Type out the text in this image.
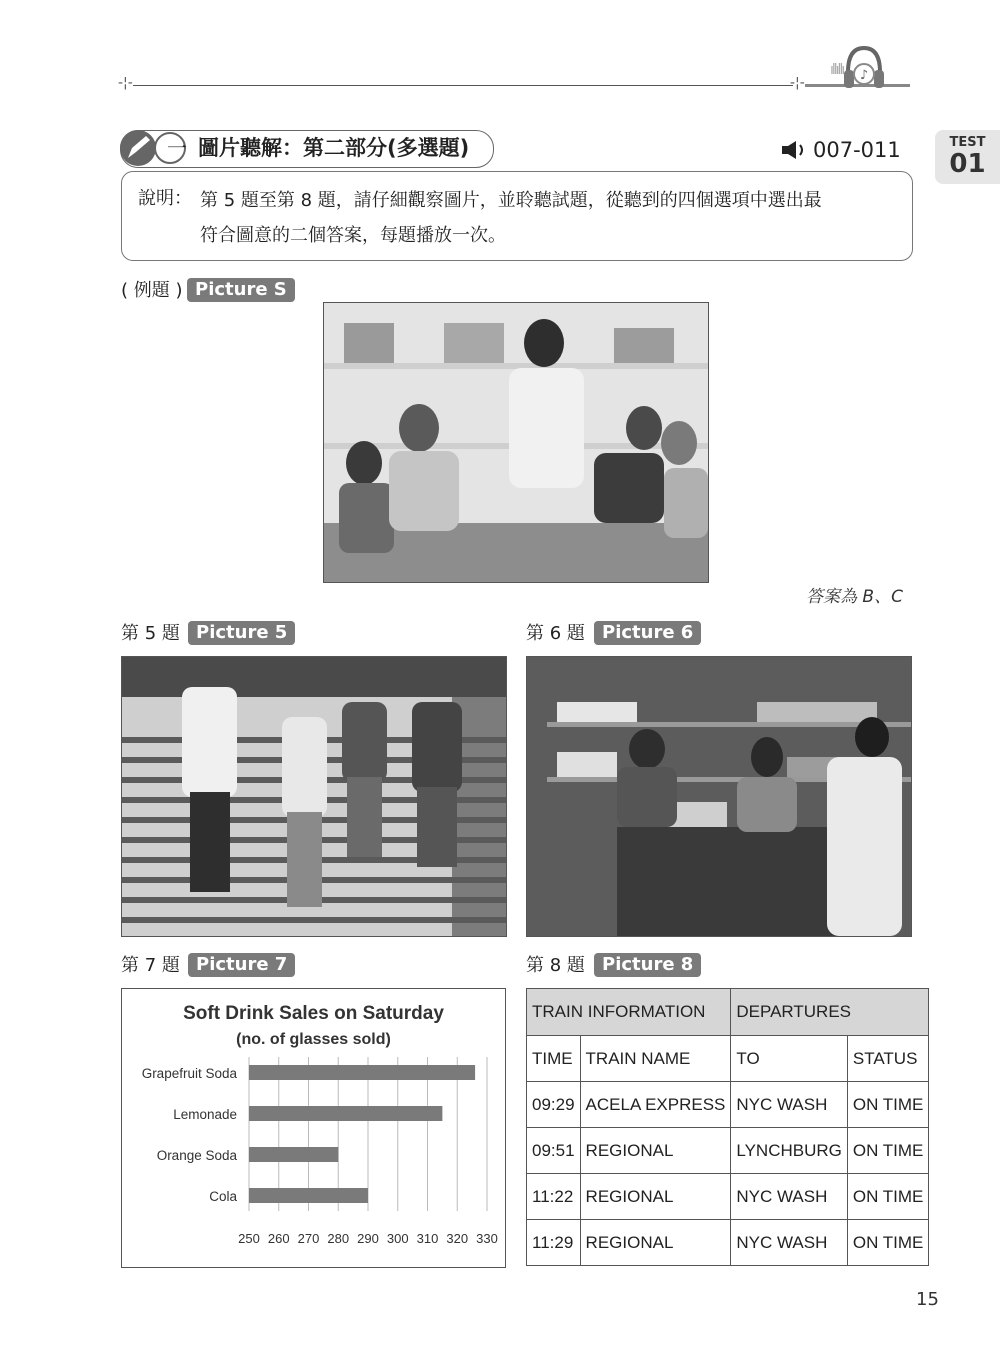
-¦-	-¦-
ıllıllı ♪
TEST
01
一 圖片聽解：第二部分(多選題)	007-011
說明： 第 5 題至第 8 題，請仔細觀察圖片，並聆聽試題，從聽到的四個選項中選出最
符合圖意的二個答案，每題播放一次。
( 例題 ) Picture S
答案為 B、C
第 5 題 Picture 5	第 6 題 Picture 6
第 7 題 Picture 7
Soft Drink Sales on Saturday
(no. of glasses sold)
Grapefruit Soda
Lemonade
Orange Soda
Cola
250 260 270 280 290 300 310 320 330
第 8 題 Picture 8
TRAIN INFORMATION		DEPARTURES	
TIME	TRAIN NAME	TO	STATUS
09:29	ACELA EXPRESS	NYC WASH	ON TIME
09:51	REGIONAL	LYNCHBURG	ON TIME
11:22	REGIONAL	NYC WASH	ON TIME
11:29	REGIONAL	NYC WASH	ON TIME
15
